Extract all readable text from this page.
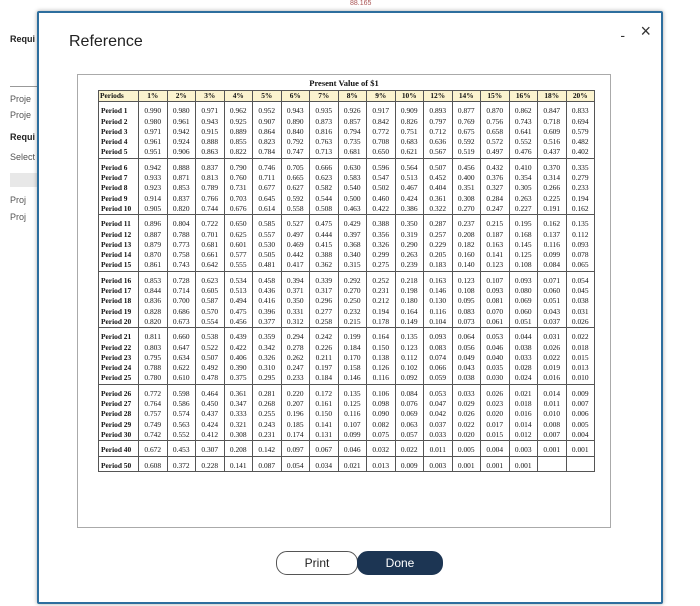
Requi
Proje
Proje
Requi
Select
Proj
Proj
88.165
Reference	- ×
Present Value of $1
Periods	1%	2%	3%	4%	5%	6%	7%	8%	9%	10%	12%	14%	15%	16%	18%	20%
Period 1	0.990	0.980	0.971	0.962	0.952	0.943	0.935	0.926	0.917	0.909	0.893	0.877	0.870	0.862	0.847	0.833
Period 2	0.980	0.961	0.943	0.925	0.907	0.890	0.873	0.857	0.842	0.826	0.797	0.769	0.756	0.743	0.718	0.694
Period 3	0.971	0.942	0.915	0.889	0.864	0.840	0.816	0.794	0.772	0.751	0.712	0.675	0.658	0.641	0.609	0.579
Period 4	0.961	0.924	0.888	0.855	0.823	0.792	0.763	0.735	0.708	0.683	0.636	0.592	0.572	0.552	0.516	0.482
Period 5	0.951	0.906	0.863	0.822	0.784	0.747	0.713	0.681	0.650	0.621	0.567	0.519	0.497	0.476	0.437	0.402
Period 6	0.942	0.888	0.837	0.790	0.746	0.705	0.666	0.630	0.596	0.564	0.507	0.456	0.432	0.410	0.370	0.335
Period 7	0.933	0.871	0.813	0.760	0.711	0.665	0.623	0.583	0.547	0.513	0.452	0.400	0.376	0.354	0.314	0.279
Period 8	0.923	0.853	0.789	0.731	0.677	0.627	0.582	0.540	0.502	0.467	0.404	0.351	0.327	0.305	0.266	0.233
Period 9	0.914	0.837	0.766	0.703	0.645	0.592	0.544	0.500	0.460	0.424	0.361	0.308	0.284	0.263	0.225	0.194
Period 10	0.905	0.820	0.744	0.676	0.614	0.558	0.508	0.463	0.422	0.386	0.322	0.270	0.247	0.227	0.191	0.162
Period 11	0.896	0.804	0.722	0.650	0.585	0.527	0.475	0.429	0.388	0.350	0.287	0.237	0.215	0.195	0.162	0.135
Period 12	0.887	0.788	0.701	0.625	0.557	0.497	0.444	0.397	0.356	0.319	0.257	0.208	0.187	0.168	0.137	0.112
Period 13	0.879	0.773	0.681	0.601	0.530	0.469	0.415	0.368	0.326	0.290	0.229	0.182	0.163	0.145	0.116	0.093
Period 14	0.870	0.758	0.661	0.577	0.505	0.442	0.388	0.340	0.299	0.263	0.205	0.160	0.141	0.125	0.099	0.078
Period 15	0.861	0.743	0.642	0.555	0.481	0.417	0.362	0.315	0.275	0.239	0.183	0.140	0.123	0.108	0.084	0.065
Period 16	0.853	0.728	0.623	0.534	0.458	0.394	0.339	0.292	0.252	0.218	0.163	0.123	0.107	0.093	0.071	0.054
Period 17	0.844	0.714	0.605	0.513	0.436	0.371	0.317	0.270	0.231	0.198	0.146	0.108	0.093	0.080	0.060	0.045
Period 18	0.836	0.700	0.587	0.494	0.416	0.350	0.296	0.250	0.212	0.180	0.130	0.095	0.081	0.069	0.051	0.038
Period 19	0.828	0.686	0.570	0.475	0.396	0.331	0.277	0.232	0.194	0.164	0.116	0.083	0.070	0.060	0.043	0.031
Period 20	0.820	0.673	0.554	0.456	0.377	0.312	0.258	0.215	0.178	0.149	0.104	0.073	0.061	0.051	0.037	0.026
Period 21	0.811	0.660	0.538	0.439	0.359	0.294	0.242	0.199	0.164	0.135	0.093	0.064	0.053	0.044	0.031	0.022
Period 22	0.803	0.647	0.522	0.422	0.342	0.278	0.226	0.184	0.150	0.123	0.083	0.056	0.046	0.038	0.026	0.018
Period 23	0.795	0.634	0.507	0.406	0.326	0.262	0.211	0.170	0.138	0.112	0.074	0.049	0.040	0.033	0.022	0.015
Period 24	0.788	0.622	0.492	0.390	0.310	0.247	0.197	0.158	0.126	0.102	0.066	0.043	0.035	0.028	0.019	0.013
Period 25	0.780	0.610	0.478	0.375	0.295	0.233	0.184	0.146	0.116	0.092	0.059	0.038	0.030	0.024	0.016	0.010
Period 26	0.772	0.598	0.464	0.361	0.281	0.220	0.172	0.135	0.106	0.084	0.053	0.033	0.026	0.021	0.014	0.009
Period 27	0.764	0.586	0.450	0.347	0.268	0.207	0.161	0.125	0.098	0.076	0.047	0.029	0.023	0.018	0.011	0.007
Period 28	0.757	0.574	0.437	0.333	0.255	0.196	0.150	0.116	0.090	0.069	0.042	0.026	0.020	0.016	0.010	0.006
Period 29	0.749	0.563	0.424	0.321	0.243	0.185	0.141	0.107	0.082	0.063	0.037	0.022	0.017	0.014	0.008	0.005
Period 30	0.742	0.552	0.412	0.308	0.231	0.174	0.131	0.099	0.075	0.057	0.033	0.020	0.015	0.012	0.007	0.004
Period 40	0.672	0.453	0.307	0.208	0.142	0.097	0.067	0.046	0.032	0.022	0.011	0.005	0.004	0.003	0.001	0.001
Period 50	0.608	0.372	0.228	0.141	0.087	0.054	0.034	0.021	0.013	0.009	0.003	0.001	0.001	0.001		
Print	Done
